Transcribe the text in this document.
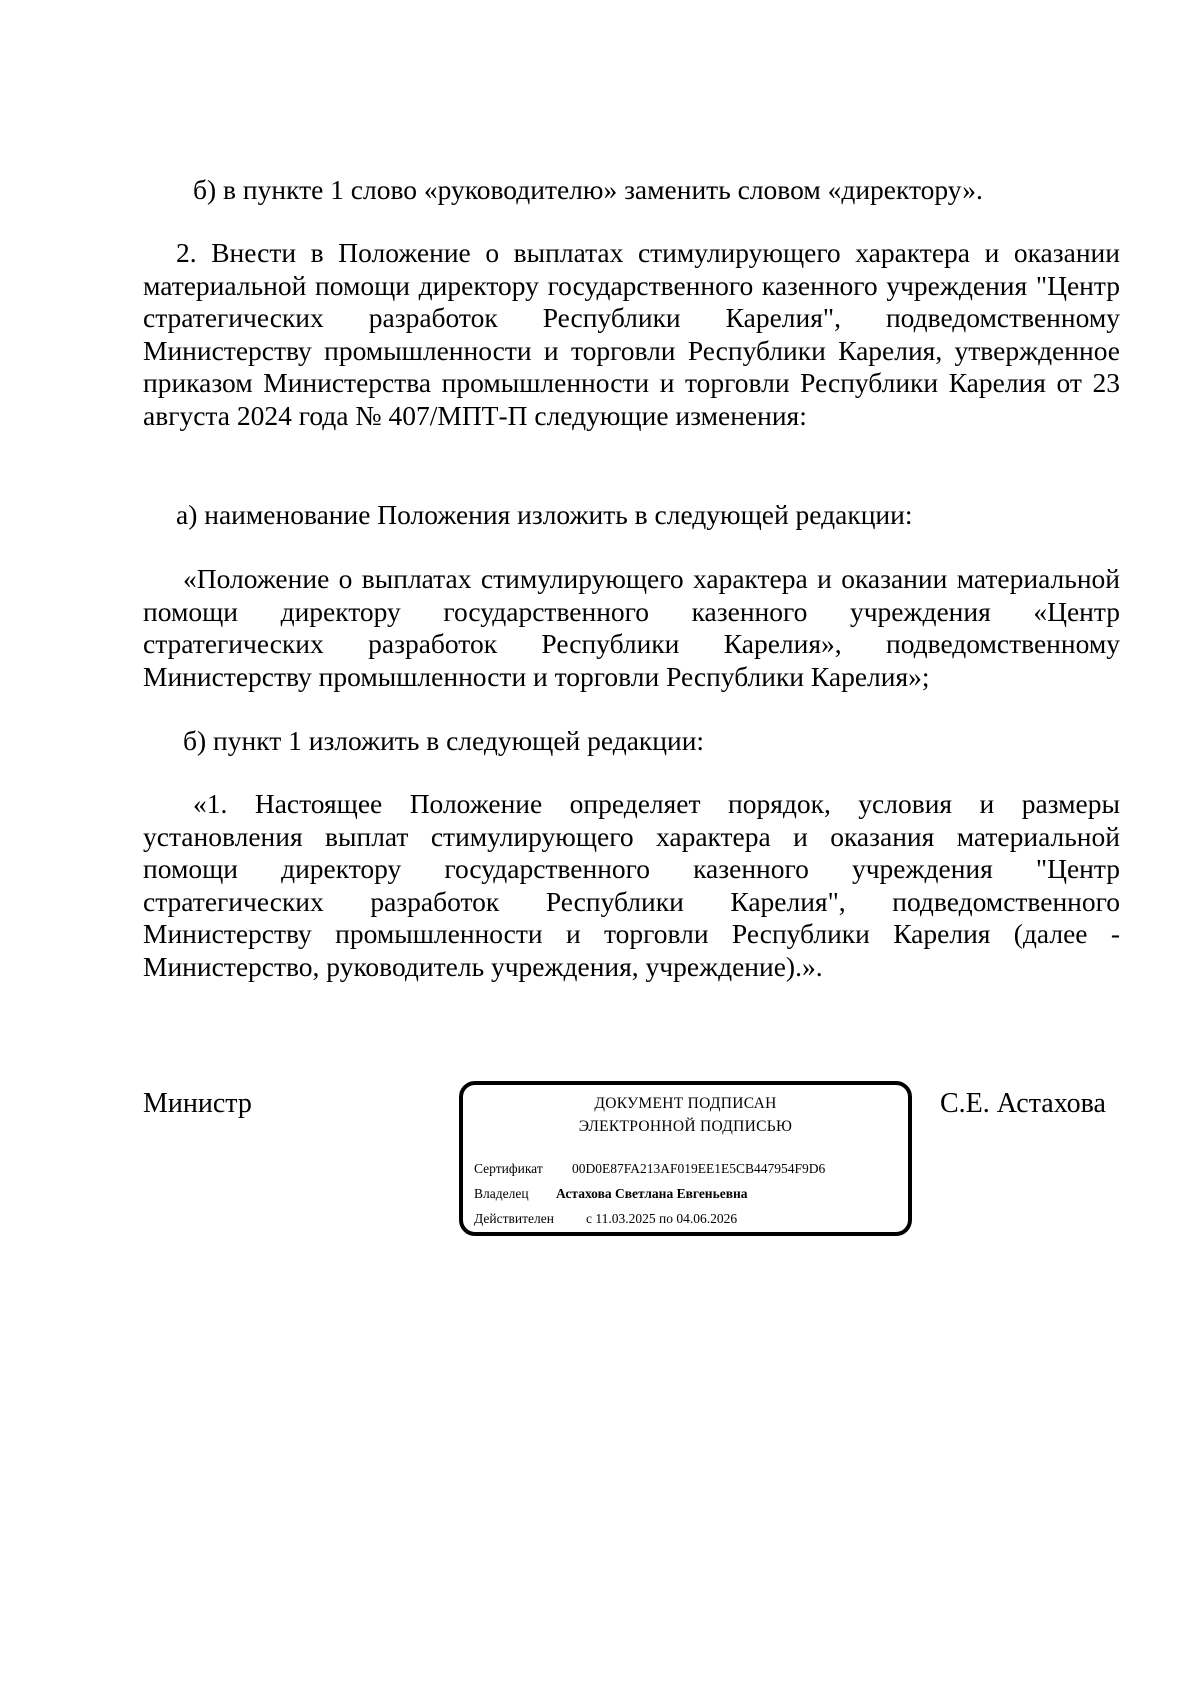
б) в пункте 1 слово «руководителю» заменить словом «директору».

2. Внести в Положение о выплатах стимулирующего характера и оказании материальной помощи директору государственного казенного учреждения "Центр стратегических разработок Республики Карелия", подведомственному Министерству промышленности и торговли Республики Карелия, утвержденное приказом Министерства промышленности и торговли Республики Карелия от 23 августа 2024 года № 407/МПТ-П следующие изменения:

а) наименование Положения изложить в следующей редакции:

«Положение о выплатах стимулирующего характера и оказании материальной помощи директору государственного казенного учреждения «Центр стратегических разработок Республики Карелия», подведомственному Министерству промышленности и торговли Республики Карелия»;

б) пункт 1 изложить в следующей редакции:

«1. Настоящее Положение определяет порядок, условия и размеры установления выплат стимулирующего характера и оказания материальной помощи директору государственного казенного учреждения "Центр стратегических разработок Республики Карелия", подведомственного Министерству промышленности и торговли Республики Карелия (далее - Министерство, руководитель учреждения, учреждение).».

Министр	ДОКУМЕНТ ПОДПИСАН
ЭЛЕКТРОННОЙ ПОДПИСЬЮ
Сертификат 00D0E87FA213AF019EE1E5CB447954F9D6
Владелец Астахова Светлана Евгеньевна
Действителен с 11.03.2025 по 04.06.2026
С.Е. Астахова
